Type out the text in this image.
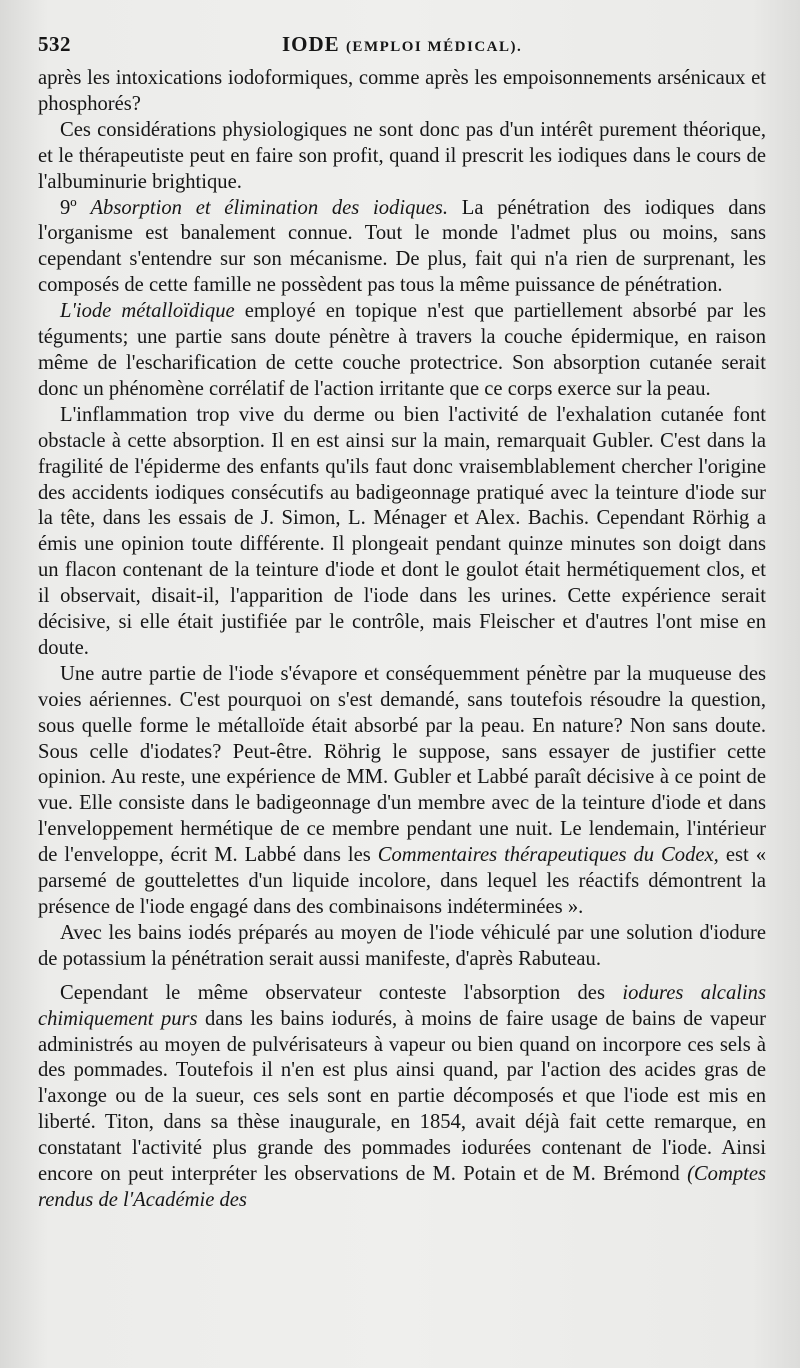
532	IODE (EMPLOI MÉDICAL).

après les intoxications iodoformiques, comme après les empoisonnements arsénicaux et phosphorés?

Ces considérations physiologiques ne sont donc pas d'un intérêt purement théorique, et le thérapeutiste peut en faire son profit, quand il prescrit les iodiques dans le cours de l'albuminurie brightique.

9º Absorption et élimination des iodiques. La pénétration des iodiques dans l'organisme est banalement connue. Tout le monde l'admet plus ou moins, sans cependant s'entendre sur son mécanisme. De plus, fait qui n'a rien de surprenant, les composés de cette famille ne possèdent pas tous la même puissance de pénétration.

L'iode métalloïdique employé en topique n'est que partiellement absorbé par les téguments; une partie sans doute pénètre à travers la couche épidermique, en raison même de l'escharification de cette couche protectrice. Son absorption cutanée serait donc un phénomène corrélatif de l'action irritante que ce corps exerce sur la peau.

L'inflammation trop vive du derme ou bien l'activité de l'exhalation cutanée font obstacle à cette absorption. Il en est ainsi sur la main, remarquait Gubler. C'est dans la fragilité de l'épiderme des enfants qu'ils faut donc vraisemblablement chercher l'origine des accidents iodiques consécutifs au badigeonnage pratiqué avec la teinture d'iode sur la tête, dans les essais de J. Simon, L. Ménager et Alex. Bachis. Cependant Rörhig a émis une opinion toute différente. Il plongeait pendant quinze minutes son doigt dans un flacon contenant de la teinture d'iode et dont le goulot était hermétiquement clos, et il observait, disait-il, l'apparition de l'iode dans les urines. Cette expérience serait décisive, si elle était justifiée par le contrôle, mais Fleischer et d'autres l'ont mise en doute.

Une autre partie de l'iode s'évapore et conséquemment pénètre par la muqueuse des voies aériennes. C'est pourquoi on s'est demandé, sans toutefois résoudre la question, sous quelle forme le métalloïde était absorbé par la peau. En nature? Non sans doute. Sous celle d'iodates? Peut-être. Röhrig le suppose, sans essayer de justifier cette opinion. Au reste, une expérience de MM. Gubler et Labbé paraît décisive à ce point de vue. Elle consiste dans le badigeonnage d'un membre avec de la teinture d'iode et dans l'enveloppement hermétique de ce membre pendant une nuit. Le lendemain, l'intérieur de l'enveloppe, écrit M. Labbé dans les Commentaires thérapeutiques du Codex, est « parsemé de gouttelettes d'un liquide incolore, dans lequel les réactifs démontrent la présence de l'iode engagé dans des combinaisons indéterminées ».

Avec les bains iodés préparés au moyen de l'iode véhiculé par une solution d'iodure de potassium la pénétration serait aussi manifeste, d'après Rabuteau.

Cependant le même observateur conteste l'absorption des iodures alcalins chimiquement purs dans les bains iodurés, à moins de faire usage de bains de vapeur administrés au moyen de pulvérisateurs à vapeur ou bien quand on incorpore ces sels à des pommades. Toutefois il n'en est plus ainsi quand, par l'action des acides gras de l'axonge ou de la sueur, ces sels sont en partie décomposés et que l'iode est mis en liberté. Titon, dans sa thèse inaugurale, en 1854, avait déjà fait cette remarque, en constatant l'activité plus grande des pommades iodurées contenant de l'iode. Ainsi encore on peut interpréter les observations de M. Potain et de M. Brémond (Comptes rendus de l'Académie des
